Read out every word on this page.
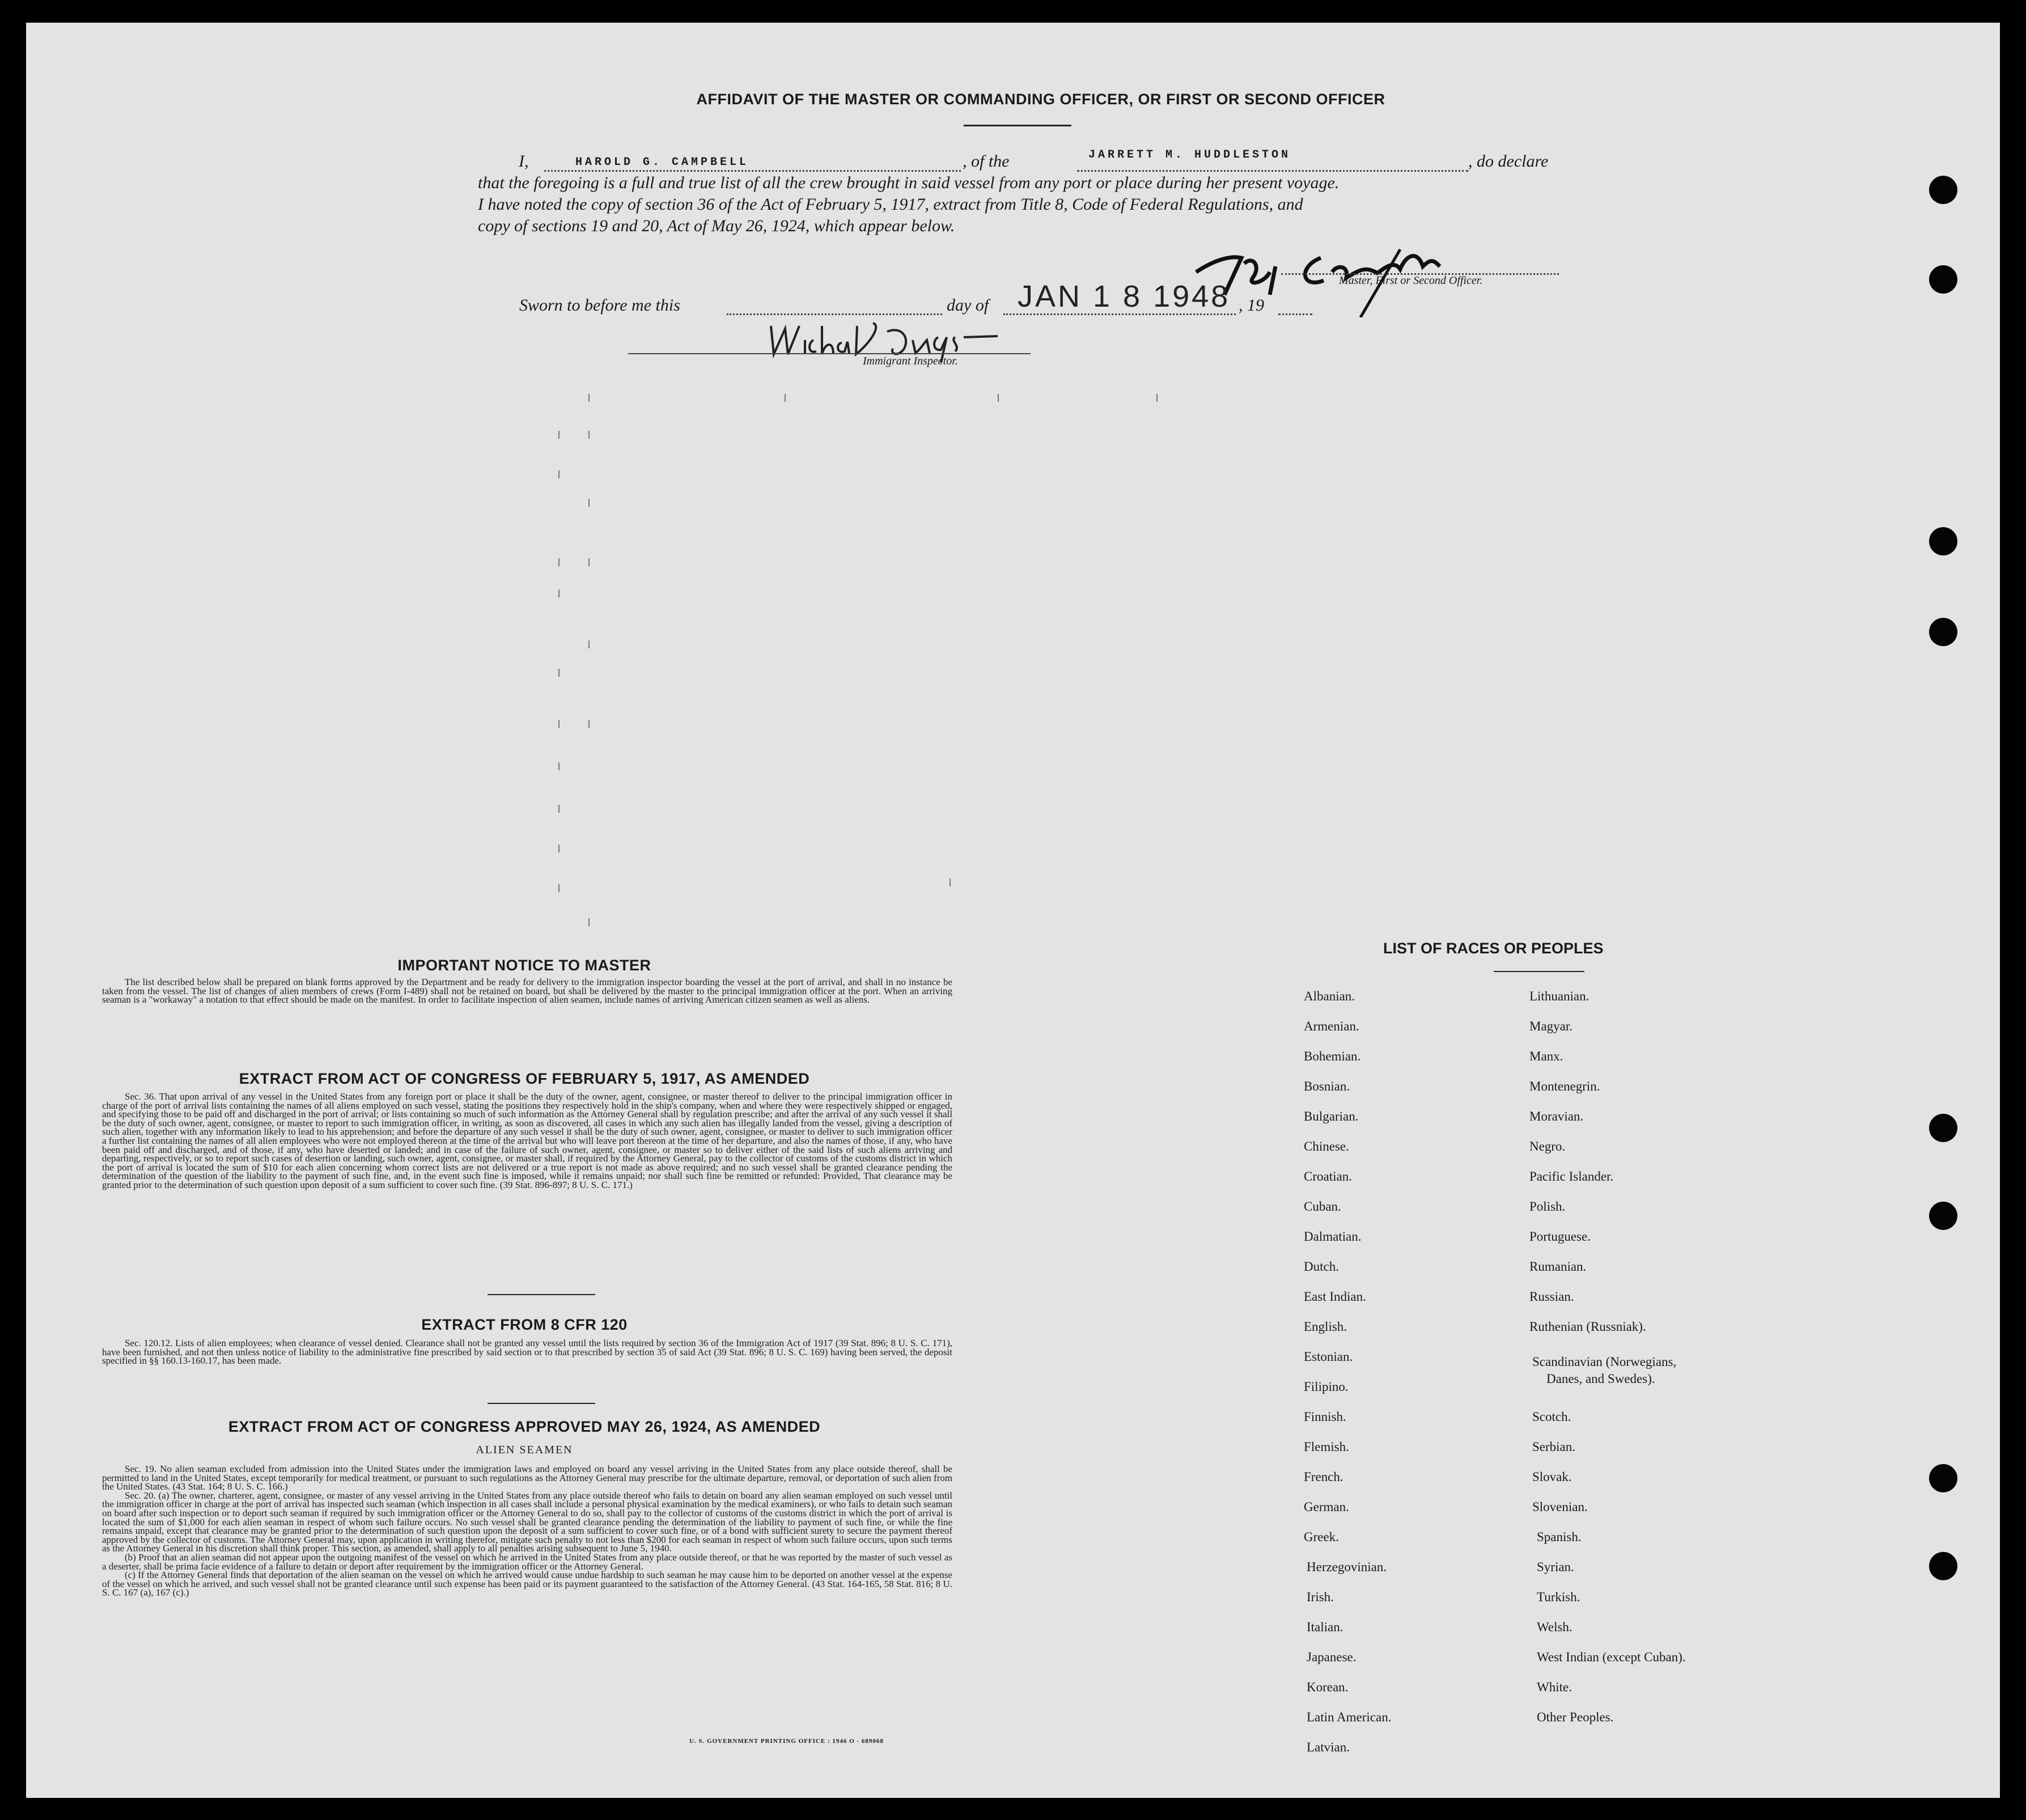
AFFIDAVIT OF THE MASTER OR COMMANDING OFFICER, OR FIRST OR SECOND OFFICER
I,	HAROLD G. CAMPBELL	, of the	JARRETT M. HUDDLESTON	, do declare
that the foregoing is a full and true list of all the crew brought in said vessel from any port or place during her present voyage.
I have noted the copy of section 36 of the Act of February 5, 1917, extract from Title 8, Code of Federal Regulations, and
copy of sections 19 and 20, Act of May 26, 1924, which appear below.
Master, First or Second Officer.
Sworn to before me this	day of JAN 1 8 1948 , 19
Immigrant Inspector.
IMPORTANT NOTICE TO MASTER

The list described below shall be prepared on blank forms approved by the Department and be ready for delivery to the immigration inspector boarding the vessel at the port of arrival, and shall in no instance be taken from the vessel. The list of changes of alien members of crews (Form I-489) shall not be retained on board, but shall be delivered by the master to the principal immigration officer at the port. When an arriving seaman is a "workaway" a notation to that effect should be made on the manifest. In order to facilitate inspection of alien seamen, include names of arriving American citizen seamen as well as aliens.

EXTRACT FROM ACT OF CONGRESS OF FEBRUARY 5, 1917, AS AMENDED

Sec. 36. That upon arrival of any vessel in the United States from any foreign port or place it shall be the duty of the owner, agent, consignee, or master thereof to deliver to the principal immigration officer in charge of the port of arrival lists containing the names of all aliens employed on such vessel, stating the positions they respectively hold in the ship's company, when and where they were respectively shipped or engaged, and specifying those to be paid off and discharged in the port of arrival; or lists containing so much of such information as the Attorney General shall by regulation prescribe; and after the arrival of any such vessel it shall be the duty of such owner, agent, consignee, or master to report to such immigration officer, in writing, as soon as discovered, all cases in which any such alien has illegally landed from the vessel, giving a description of such alien, together with any information likely to lead to his apprehension; and before the departure of any such vessel it shall be the duty of such owner, agent, consignee, or master to deliver to such immigration officer a further list containing the names of all alien employees who were not employed thereon at the time of the arrival but who will leave port thereon at the time of her departure, and also the names of those, if any, who have been paid off and discharged, and of those, if any, who have deserted or landed; and in case of the failure of such owner, agent, consignee, or master so to deliver either of the said lists of such aliens arriving and departing, respectively, or so to report such cases of desertion or landing, such owner, agent, consignee, or master shall, if required by the Attorney General, pay to the collector of customs of the customs district in which the port of arrival is located the sum of $10 for each alien concerning whom correct lists are not delivered or a true report is not made as above required; and no such vessel shall be granted clearance pending the determination of the question of the liability to the payment of such fine, and, in the event such fine is imposed, while it remains unpaid; nor shall such fine be remitted or refunded: Provided, That clearance may be granted prior to the determination of such question upon deposit of a sum sufficient to cover such fine. (39 Stat. 896-897; 8 U. S. C. 171.)

EXTRACT FROM 8 CFR 120

Sec. 120.12. Lists of alien employees; when clearance of vessel denied. Clearance shall not be granted any vessel until the lists required by section 36 of the Immigration Act of 1917 (39 Stat. 896; 8 U. S. C. 171), have been furnished, and not then unless notice of liability to the administrative fine prescribed by said section or to that prescribed by section 35 of said Act (39 Stat. 896; 8 U. S. C. 169) having been served, the deposit specified in §§ 160.13-160.17, has been made.

EXTRACT FROM ACT OF CONGRESS APPROVED MAY 26, 1924, AS AMENDED
ALIEN SEAMEN

Sec. 19. No alien seaman excluded from admission into the United States under the immigration laws and employed on board any vessel arriving in the United States from any place outside thereof, shall be permitted to land in the United States, except temporarily for medical treatment, or pursuant to such regulations as the Attorney General may prescribe for the ultimate departure, removal, or deportation of such alien from the United States. (43 Stat. 164; 8 U. S. C. 166.)

Sec. 20. (a) The owner, charterer, agent, consignee, or master of any vessel arriving in the United States from any place outside thereof who fails to detain on board any alien seaman employed on such vessel until the immigration officer in charge at the port of arrival has inspected such seaman (which inspection in all cases shall include a personal physical examination by the medical examiners), or who fails to detain such seaman on board after such inspection or to deport such seaman if required by such immigration officer or the Attorney General to do so, shall pay to the collector of customs of the customs district in which the port of arrival is located the sum of $1,000 for each alien seaman in respect of whom such failure occurs. No such vessel shall be granted clearance pending the determination of the liability to payment of such fine, or while the fine remains unpaid, except that clearance may be granted prior to the determination of such question upon the deposit of a sum sufficient to cover such fine, or of a bond with sufficient surety to secure the payment thereof approved by the collector of customs. The Attorney General may, upon application in writing therefor, mitigate such penalty to not less than $200 for each seaman in respect of whom such failure occurs, upon such terms as the Attorney General in his discretion shall think proper. This section, as amended, shall apply to all penalties arising subsequent to June 5, 1940.

(b) Proof that an alien seaman did not appear upon the outgoing manifest of the vessel on which he arrived in the United States from any place outside thereof, or that he was reported by the master of such vessel as a deserter, shall be prima facie evidence of a failure to detain or deport after requirement by the immigration officer or the Attorney General.

(c) If the Attorney General finds that deportation of the alien seaman on the vessel on which he arrived would cause undue hardship to such seaman he may cause him to be deported on another vessel at the expense of the vessel on which he arrived, and such vessel shall not be granted clearance until such expense has been paid or its payment guaranteed to the satisfaction of the Attorney General. (43 Stat. 164-165, 58 Stat. 816; 8 U. S. C. 167 (a), 167 (c).)

U. S. GOVERNMENT PRINTING OFFICE : 1946 O - 689068
LIST OF RACES OR PEOPLES
Albanian.
Armenian.
Bohemian.
Bosnian.
Bulgarian.
Chinese.
Croatian.
Cuban.
Dalmatian.
Dutch.
East Indian.
English.
Estonian.
Filipino.
Finnish.
Flemish.
French.
German.
Greek.
Herzegovinian.
Irish.
Italian.
Japanese.
Korean.
Latin American.
Latvian.
Lithuanian.
Magyar.
Manx.
Montenegrin.
Moravian.
Negro.
Pacific Islander.
Polish.
Portuguese.
Rumanian.
Russian.
Ruthenian (Russniak).
Scandinavian (Norwegians,
Danes, and Swedes).
Scotch.
Serbian.
Slovak.
Slovenian.
Spanish.
Syrian.
Turkish.
Welsh.
West Indian (except Cuban).
White.
Other Peoples.
